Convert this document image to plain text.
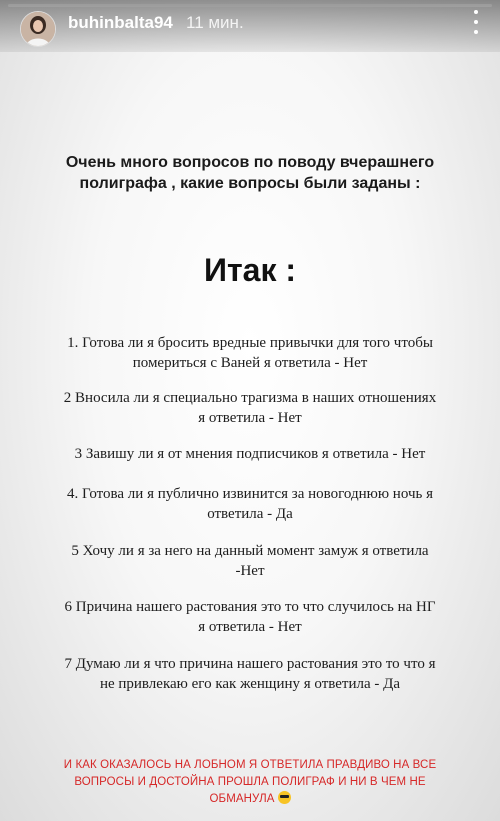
buhinbalta94 11 мин.
Очень много вопросов по поводу вчерашнего
полиграфа , какие вопросы были заданы :
Итак :
1. Готова ли я бросить вредные привычки для того чтобы
помериться с Ваней я ответила - Нет
2 Вносила ли я специально трагизма в наших отношениях
я ответила - Нет
3 Завишу ли я от мнения подписчиков я ответила - Нет
4. Готова ли я публично извинится за новогоднюю ночь я
ответила - Да
5 Хочу ли я за него на данный момент замуж я ответила
-Нет
6 Причина нашего растования это то что случилось на НГ
я ответила - Нет
7 Думаю ли я что причина нашего растования это то что я
не привлекаю его как женщину я ответила - Да
И КАК ОКАЗАЛОСЬ НА ЛОБНОМ Я ОТВЕТИЛА ПРАВДИВО НА ВСЕ
ВОПРОСЫ И ДОСТОЙНА ПРОШЛА ПОЛИГРАФ И НИ В ЧЕМ НЕ
ОБМАНУЛА
